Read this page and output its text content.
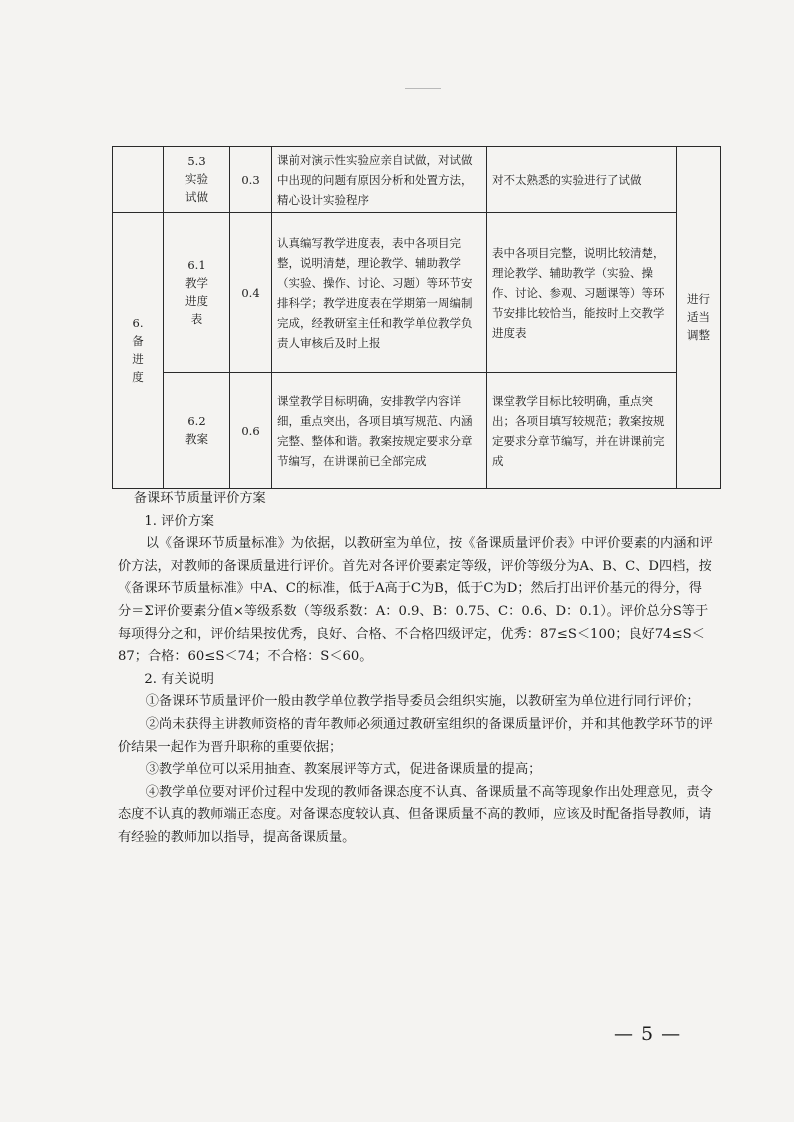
	5.3 实验试做	0.3	课前对演示性实验应亲自试做，对试做中出现的问题有原因分析和处置方法，精心设计实验程序	对不太熟悉的实验进行了试做	进行适当调整
6.备进度	6.1 教学进度表	0.4	认真编写教学进度表，表中各项目完整，说明清楚，理论教学、辅助教学（实验、操作、讨论、习题）等环节安排科学；教学进度表在学期第一周编制完成，经教研室主任和教学单位教学负责人审核后及时上报	表中各项目完整，说明比较清楚，理论教学、辅助教学（实验、操作、讨论、参观、习题课等）等环节安排比较恰当，能按时上交教学进度表	
	6.2 教案	0.6	课堂教学目标明确，安排教学内容详细，重点突出，各项目填写规范、内涵完整、整体和谐。教案按规定要求分章节编写，在讲课前已全部完成	课堂教学目标比较明确，重点突出；各项目填写较规范；教案按规定要求分章节编写，并在讲课前完成	

备课环节质量评价方案

1. 评价方案

以《备课环节质量标准》为依据，以教研室为单位，按《备课质量评价表》中评价要素的内涵和评价方法，对教师的备课质量进行评价。首先对各评价要素定等级，评价等级分为A、B、C、D四档，按《备课环节质量标准》中A、C的标准，低于A高于C为B，低于C为D；然后打出评价基元的得分，得分＝Σ评价要素分值×等级系数（等级系数：A：0.9、B：0.75、C：0.6、D：0.1）。评价总分S等于每项得分之和，评价结果按优秀，良好、合格、不合格四级评定，优秀：87≤S＜100；良好74≤S＜87；合格：60≤S＜74；不合格：S＜60。

2. 有关说明

①备课环节质量评价一般由教学单位教学指导委员会组织实施，以教研室为单位进行同行评价；

②尚未获得主讲教师资格的青年教师必须通过教研室组织的备课质量评价，并和其他教学环节的评价结果一起作为晋升职称的重要依据；

③教学单位可以采用抽查、教案展评等方式，促进备课质量的提高；

④教学单位要对评价过程中发现的教师备课态度不认真、备课质量不高等现象作出处理意见，责令态度不认真的教师端正态度。对备课态度较认真、但备课质量不高的教师，应该及时配备指导教师，请有经验的教师加以指导，提高备课质量。

— 5 —
